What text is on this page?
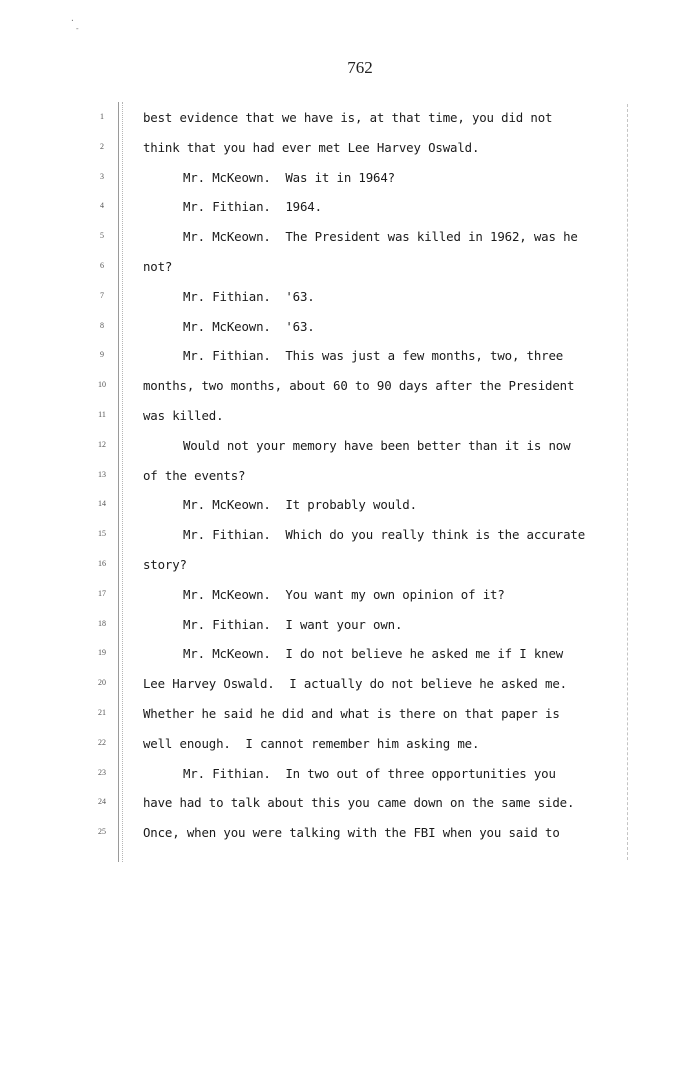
762
.
-
1	best evidence that we have is, at that time, you did not
2	think that you had ever met Lee Harvey Oswald.
3	Mr. McKeown.  Was it in 1964?
4	Mr. Fithian.  1964.
5	Mr. McKeown.  The President was killed in 1962, was he
6	not?
7	Mr. Fithian.  '63.
8	Mr. McKeown.  '63.
9	Mr. Fithian.  This was just a few months, two, three
10	months, two months, about 60 to 90 days after the President
11	was killed.
12	Would not your memory have been better than it is now
13	of the events?
14	Mr. McKeown.  It probably would.
15	Mr. Fithian.  Which do you really think is the accurate
16	story?
17	Mr. McKeown.  You want my own opinion of it?
18	Mr. Fithian.  I want your own.
19	Mr. McKeown.  I do not believe he asked me if I knew
20	Lee Harvey Oswald.  I actually do not believe he asked me.
21	Whether he said he did and what is there on that paper is
22	well enough.  I cannot remember him asking me.
23	Mr. Fithian.  In two out of three opportunities you
24	have had to talk about this you came down on the same side.
25	Once, when you were talking with the FBI when you said to
